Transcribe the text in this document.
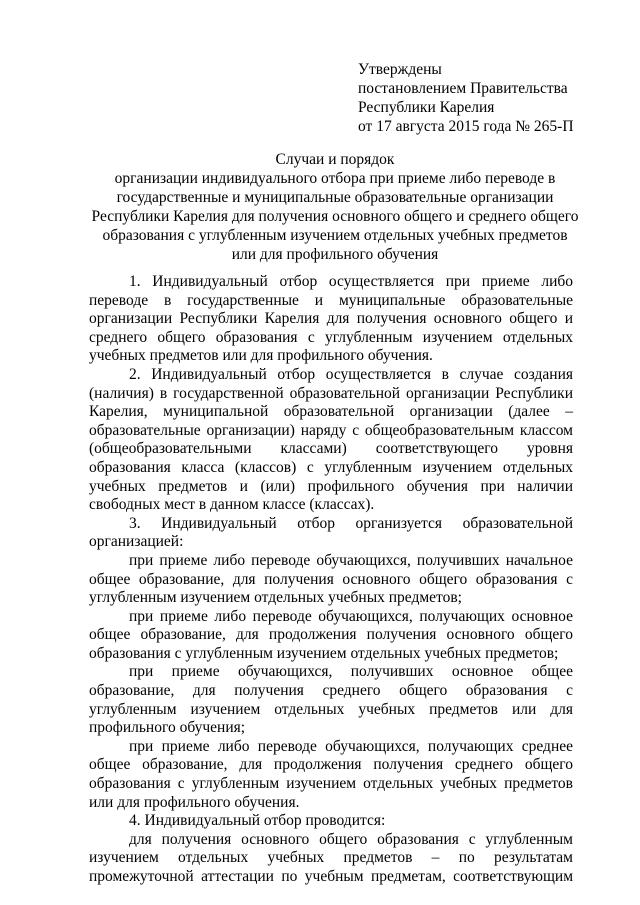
Утверждены
постановлением Правительства
Республики Карелия
от 17 августа 2015 года № 265-П
Случаи и порядок
организации индивидуального отбора при приеме либо переводе в
государственные и муниципальные образовательные организации
Республики Карелия для получения основного общего и среднего общего
образования с углубленным изучением отдельных учебных предметов
или для профильного обучения

1. Индивидуальный отбор осуществляется при приеме либо переводе в государственные и муниципальные образовательные организации Республики Карелия для получения основного общего и среднего общего образования с углубленным изучением отдельных учебных предметов или для профильного обучения.

2. Индивидуальный отбор осуществляется в случае создания (наличия) в государственной образовательной организации Республики Карелия, муниципальной образовательной организации (далее – образовательные организации) наряду с общеобразовательным классом (общеобразовательными классами) соответствующего уровня образования класса (классов) с углубленным изучением отдельных учебных предметов и (или) профильного обучения при наличии свободных мест в данном классе (классах).

3. Индивидуальный отбор организуется образовательной организацией:

при приеме либо переводе обучающихся, получивших начальное общее образование, для получения основного общего образования с углубленным изучением отдельных учебных предметов;

при приеме либо переводе обучающихся, получающих основное общее образование, для продолжения получения основного общего образования с углубленным изучением отдельных учебных предметов;

при приеме обучающихся, получивших основное общее образование, для получения среднего общего образования с углубленным изучением отдельных учебных предметов или для профильного обучения;

при приеме либо переводе обучающихся, получающих среднее общее образование, для продолжения получения среднего общего образования с углубленным изучением отдельных учебных предметов или для профильного обучения.

4. Индивидуальный отбор проводится:

для получения основного общего образования с углубленным изучением отдельных учебных предметов – по результатам промежуточной аттестации по учебным предметам, соответствующим
